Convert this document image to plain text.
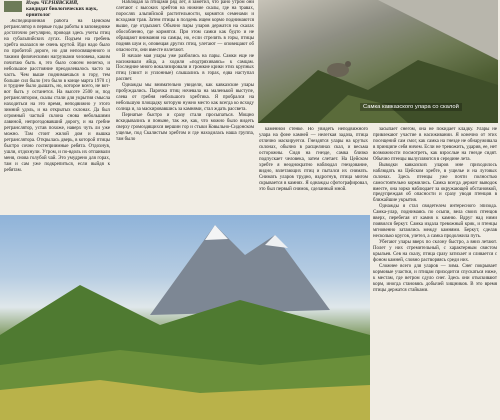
Игорь ЧЕРНЯВСКИЙ,
кандидат биологических наук, орнитолог

Экспедиционная работа на Цейском ретранслятор в первые годы работы в заповеднике достаточно регулярно, проводя здесь учеты птиц на субальпийских лугах. Подъем на гребень хребта оказался не очень крутой. Иди надо было по пробитой дороге, но для непосвященного и такими физическими нагрузками человека, каким почитаю быть я, это было совсем нелегко, и небольшое расстояние преодолевалось часто за часть. Чем выше поднимаешься в гору, тем больше сил было (это было в конце марта 1970 г.) и труднее было дышать, но, которое всего, не вот-вот быть у останется. На высоте 2500 м, под ретранслятором, скалы стали для укрытия смысла находиться на это время, неподвижно у этого зимний удэль, и на открытых склонах. Да был огромный частый склона снова небольшими лавиной, непрогодовавший дорогу, и на гребне ретранслятор, устав похоже, наверх чуть ли уже можно. Там стоит жилой дом и вышка ретранслятора. Открылась дверь, в которой птицы быстро сочно гостеприимные ребята. Отдохнув, ушли, отдохнули. Утром, и по-вдоль их отпаивали меня, снова голубой чай. Это умудрено для горах, там и сам уже подкрепиться, если выйдя к ребятам.

Наблюдая за птицами ряд лет, я заметил, что рано утром они слетают с высоких хребтов на нижние скалы, где на травах, порослях альпийской растительности, кормятся семенами и всходами трав. Затем птицы в полдень ищем кормо поднимаются выше, где отдыхают. Обычно пары уларов держатся на скалах обособленно, где кормятся. При этом самки как будто и не обращают внимания на самцы, но, если стрелять в горы, птицы подняв шум и, оповещая других птиц, улетают — оповещают об опасности, они вместе взлетают.

В начале мая улары уже разбились на пары. Самки еще не насиживали яйца, а ходили «подтряхиваясь» к самцам. Последние много вокализировали и громкие крики этих крупных птиц (свист и уплонные) слышались в горах, едва наступал рассвет.

Однажды мы внимательно увидели, как кавказские улары пробуждались. Парочка птиц ночевала на маленькой выступе, слева от гребня небольшого хребтика. Я пробрался на небольшую площадку которую нужно место как всегда ко всходу солнца и, за маскировавшись за камнями, стал ждать рассвета.

Пернатые быстро и сразу стали просыпаться. Мощно вскидывались и поныне, так же, как, что можно было видеть сверху громоздящихся вершин гор и стыки Ковыльно-Сидонском ущелье, под Скалистым хребтом и где находилась наша группа, там было

Самка кавказского улара со скалой

каменной стенке. Но увидеть неподвижного улара на фоне камней — нелегкая задача, птица отлично маскируется. Гнездятся улары на крутых склонах, обычно в расщелинах скал, и весьма осторожны. Сидя на гнезде, самка близко подпускает человека, затем слетает. На Цейском хребте я неоднократно наблюдал гнездование, видно, взлетающих птиц и пытался их снимать. Снимать уларов трудно, вздрогнув, птица мигом скрывается в камнях. Я однажды сфотографировал, это был первый снимок, сделанный мной.

засыпает снегом, она не покидает кладку. Улары не привлекают участие в насиживании. Я конечно от этих посещений сам смог, как самка на гнезде не обнаруживала в принципе себя ничем. Если не тревожить, ударив, ее, нет возможности посмотреть, как взрослые на гнезде сидят. Обычно птенцы вылупляются в середине лета.

Выводки кавказских уларов мне приходилось наблюдать на Цейском хребте, в ущелье и на луговых склонах. Здесь птенцы уже почти полностью самостоятельно кормились. Самка всегда держит выводок вместе, она зорко наблюдает за окружающей обстановкой, предупреждая об опасности и сразу уводя птенцов в ближайшие укрытия.

Однажды я стал свидетелем интересного эпизода. Самка-улар, поднимаясь по осыпи, вела своих птенцов вверх, перебегая от камня к камню. Вдруг над ними появился беркут. Самка издала тревожный крик, и птенцы мгновенно затаились между камнями. Беркут, сделав несколько кругов, улетел, а самка продолжила путь.

Убегают улары вверх по склону быстро, а вниз летают. Полет у них стремительный, с характерным свистом крыльев. Сев на скалу, птица сразу затихает и сливается с фоном камней, словно растворяясь среди них.

Сложнее всего для уларов — зима. Снег покрывает кормовые участки, и птицам приходится спускаться ниже, к местам, где ветром сдуло снег. Здесь они отыскивают корм, иногда становясь добычей хищников. В это время птицы держатся стайками.
